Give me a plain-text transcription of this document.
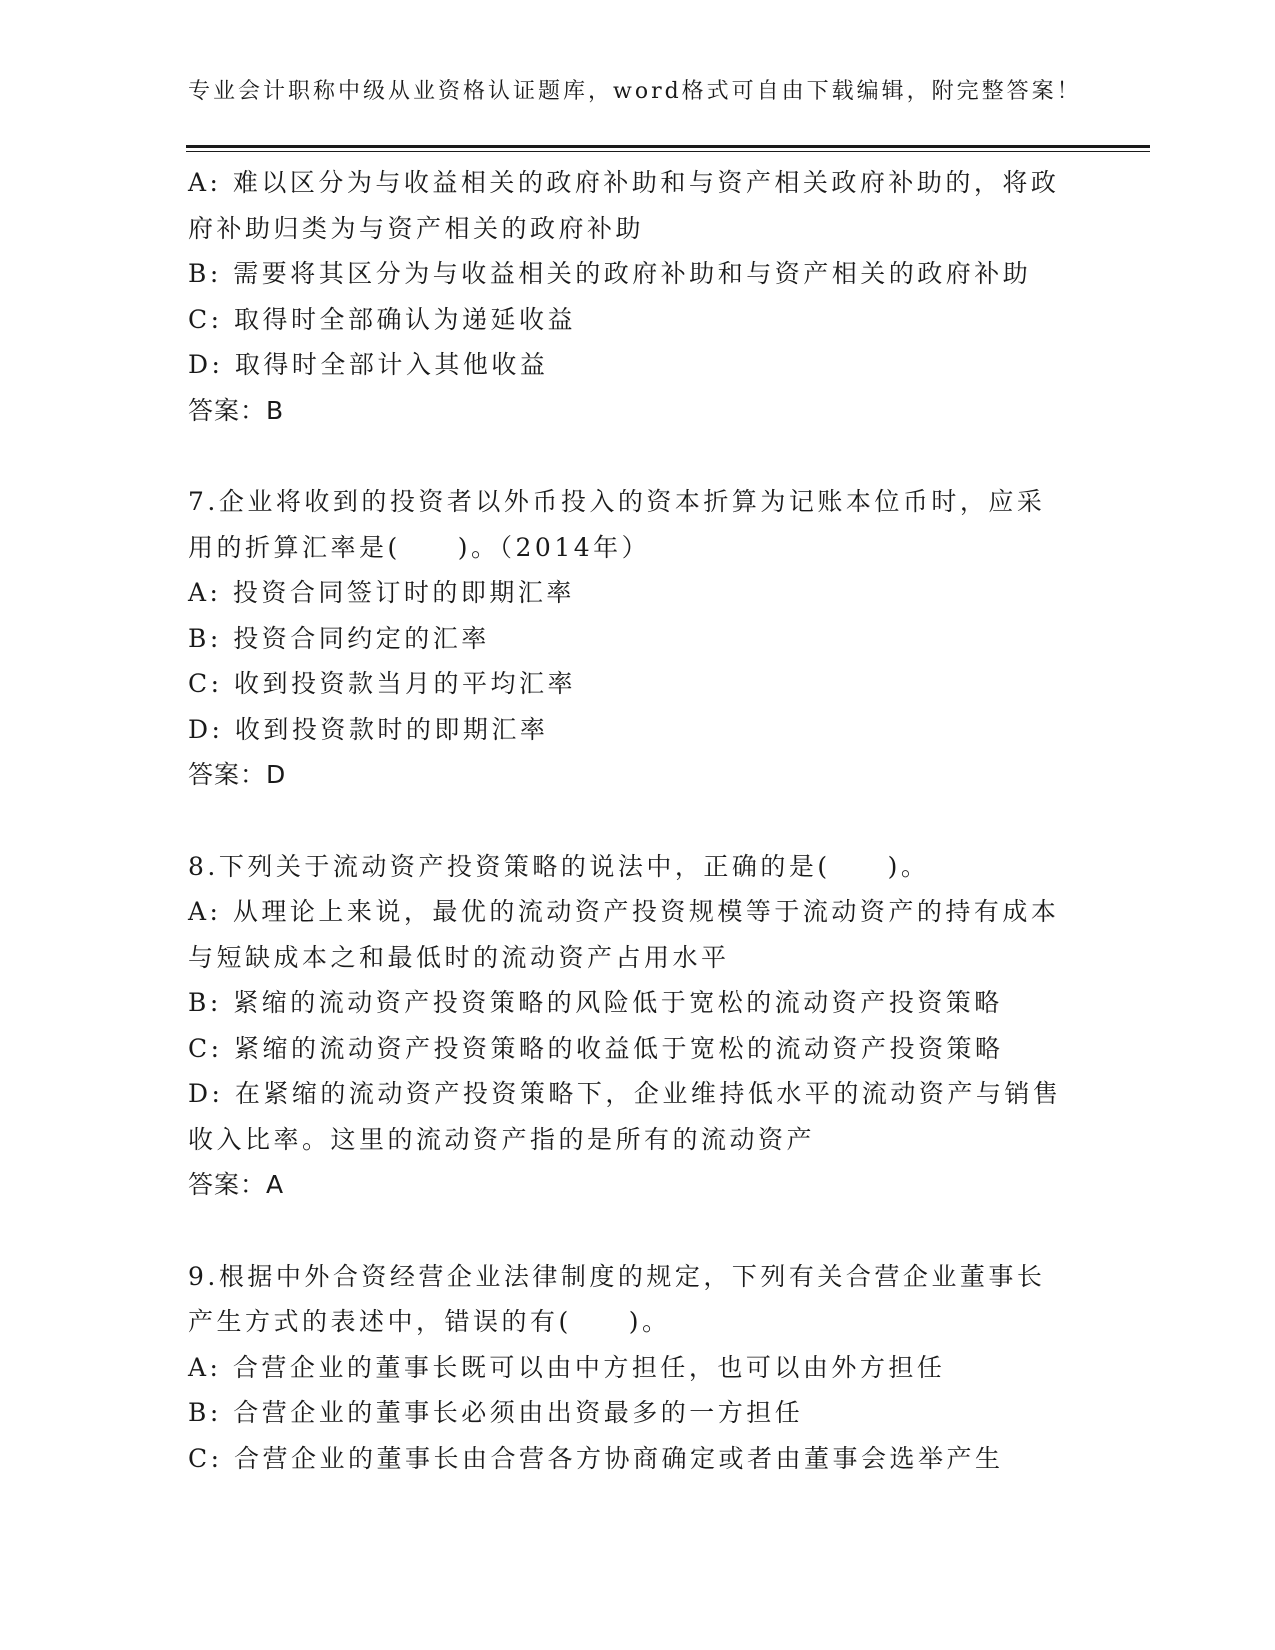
专业会计职称中级从业资格认证题库，word格式可自由下载编辑，附完整答案！
A: 难以区分为与收益相关的政府补助和与资产相关政府补助的，将政
府补助归类为与资产相关的政府补助
B: 需要将其区分为与收益相关的政府补助和与资产相关的政府补助
C: 取得时全部确认为递延收益
D: 取得时全部计入其他收益
答案：B
7.企业将收到的投资者以外币投入的资本折算为记账本位币时，应采
用的折算汇率是(　　)。（2014年）
A: 投资合同签订时的即期汇率
B: 投资合同约定的汇率
C: 收到投资款当月的平均汇率
D: 收到投资款时的即期汇率
答案：D
8.下列关于流动资产投资策略的说法中，正确的是(　　)。
A: 从理论上来说，最优的流动资产投资规模等于流动资产的持有成本
与短缺成本之和最低时的流动资产占用水平
B: 紧缩的流动资产投资策略的风险低于宽松的流动资产投资策略
C: 紧缩的流动资产投资策略的收益低于宽松的流动资产投资策略
D: 在紧缩的流动资产投资策略下，企业维持低水平的流动资产与销售
收入比率。这里的流动资产指的是所有的流动资产
答案：A
9.根据中外合资经营企业法律制度的规定，下列有关合营企业董事长
产生方式的表述中，错误的有(　　)。
A: 合营企业的董事长既可以由中方担任，也可以由外方担任
B: 合营企业的董事长必须由出资最多的一方担任
C: 合营企业的董事长由合营各方协商确定或者由董事会选举产生
